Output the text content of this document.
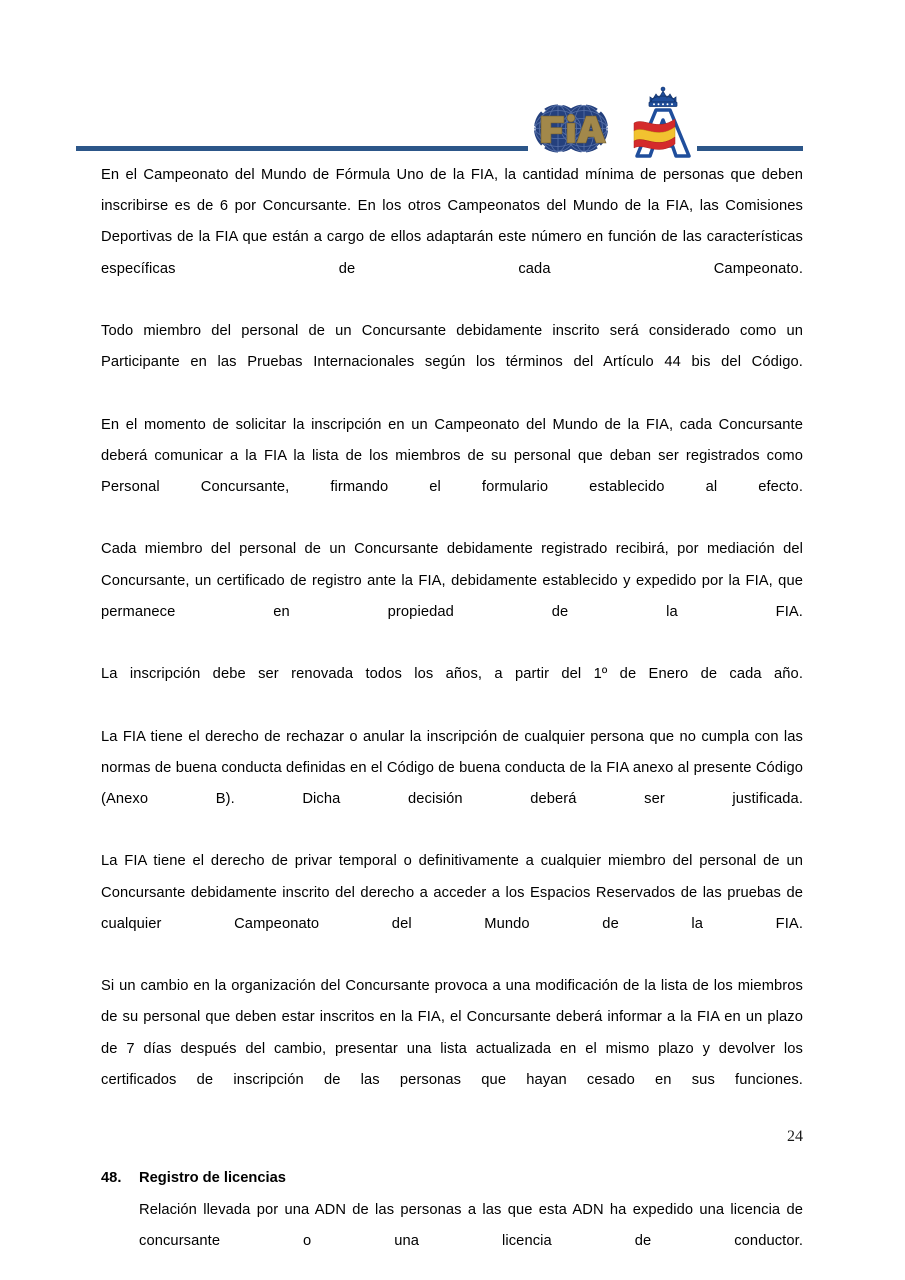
En el Campeonato del Mundo de Fórmula Uno de la FIA, la cantidad mínima de personas que deben inscribirse es de 6 por Concursante. En los otros Campeonatos del Mundo de la FIA, las Comisiones Deportivas de la FIA que están a cargo de ellos adaptarán este número en función de las características específicas de cada Campeonato.

Todo miembro del personal de un Concursante debidamente inscrito será considerado como un Participante en las Pruebas Internacionales según los términos del Artículo 44 bis del Código.

En el momento de solicitar la inscripción en un Campeonato del Mundo de la FIA, cada Concursante deberá comunicar a la FIA la lista de los miembros de su personal que deban ser registrados como Personal Concursante, firmando el formulario establecido al efecto.

Cada miembro del personal de un Concursante debidamente registrado recibirá, por mediación del Concursante, un certificado de registro ante la FIA, debidamente establecido y expedido por la FIA, que permanece en propiedad de la FIA.

La inscripción debe ser renovada todos los años, a partir del 1º de Enero de cada año.

La FIA tiene el derecho de rechazar o anular la inscripción de cualquier persona que no cumpla con las normas de buena conducta definidas en el Código de buena conducta de la FIA anexo al presente Código (Anexo B). Dicha decisión deberá ser justificada.

La FIA tiene el derecho de privar temporal o definitivamente a cualquier miembro del personal de un Concursante debidamente inscrito del derecho a acceder a los Espacios Reservados de las pruebas de cualquier Campeonato del Mundo de la FIA.

Si un cambio en la organización del Concursante provoca a una modificación de la lista de los miembros de su personal que deben estar inscritos en la FIA, el Concursante deberá informar a la FIA en un plazo de 7 días después del cambio, presentar una lista actualizada en el mismo plazo y devolver los certificados de inscripción de las personas que hayan cesado en sus funciones.

48.	Registro de licencias

Relación llevada por una ADN de las personas a las que esta ADN ha expedido una licencia de concursante o una licencia de conductor.

24
